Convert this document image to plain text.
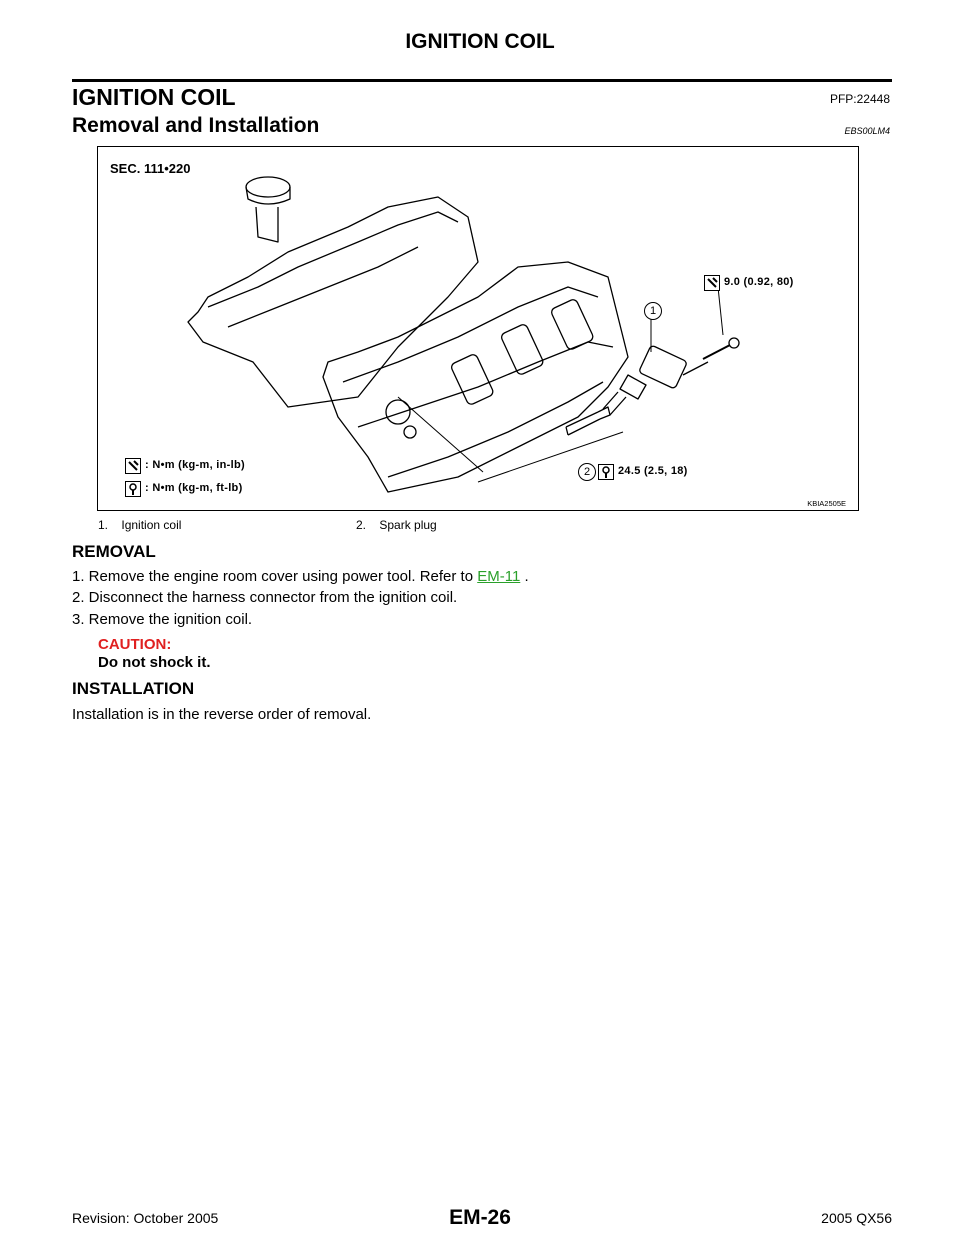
IGNITION COIL
IGNITION COIL	PFP:22448
Removal and Installation	EBS00LM4
SEC. 111•220
9.0 (0.92, 80)
1
2	24.5 (2.5, 18)
: N•m (kg-m, in-lb)
: N•m (kg-m, ft-lb)
KBIA2505E
1. Ignition coil	2. Spark plug
REMOVAL
1. Remove the engine room cover using power tool. Refer to EM-11 .
2. Disconnect the harness connector from the ignition coil.
3. Remove the ignition coil.
CAUTION:
Do not shock it.
INSTALLATION
Installation is in the reverse order of removal.
Revision: October 2005	EM-26	2005 QX56
